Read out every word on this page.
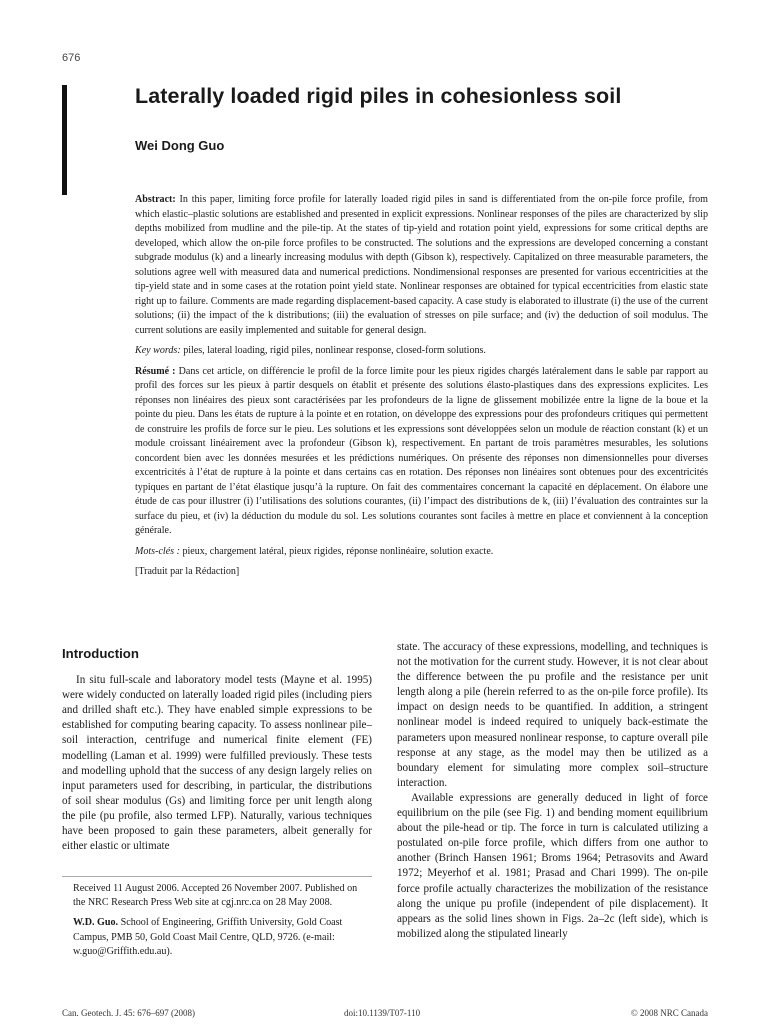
676
Laterally loaded rigid piles in cohesionless soil
Wei Dong Guo

Abstract: In this paper, limiting force profile for laterally loaded rigid piles in sand is differentiated from the on-pile force profile, from which elastic–plastic solutions are established and presented in explicit expressions. Nonlinear responses of the piles are characterized by slip depths mobilized from mudline and the pile-tip. At the states of tip-yield and rotation point yield, expressions for some critical depths are developed, which allow the on-pile force profiles to be constructed. The solutions and the expressions are developed concerning a constant subgrade modulus (k) and a linearly increasing modulus with depth (Gibson k), respectively. Capitalized on three measurable parameters, the solutions agree well with measured data and numerical predictions. Nondimensional responses are presented for various eccentricities at the tip-yield state and in some cases at the rotation point yield state. Nonlinear responses are obtained for typical eccentricities from elastic state right up to failure. Comments are made regarding displacement-based capacity. A case study is elaborated to illustrate (i) the use of the current solutions; (ii) the impact of the k distributions; (iii) the evaluation of stresses on pile surface; and (iv) the deduction of soil modulus. The current solutions are easily implemented and suitable for general design.

Key words: piles, lateral loading, rigid piles, nonlinear response, closed-form solutions.

Résumé : Dans cet article, on différencie le profil de la force limite pour les pieux rigides chargés latéralement dans le sable par rapport au profil des forces sur les pieux à partir desquels on établit et présente des solutions élasto-plastiques dans des expressions explicites. Les réponses non linéaires des pieux sont caractérisées par les profondeurs de la ligne de glissement mobilizée entre la ligne de la boue et la pointe du pieu. Dans les états de rupture à la pointe et en rotation, on développe des expressions pour des profondeurs critiques qui permettent de construire les profils de force sur le pieu. Les solutions et les expressions sont développées selon un module de réaction constant (k) et un module croissant linéairement avec la profondeur (Gibson k), respectivement. En partant de trois paramètres mesurables, les solutions concordent bien avec les données mesurées et les prédictions numériques. On présente des réponses non dimensionnelles pour diverses excentricités à l’état de rupture à la pointe et dans certains cas en rotation. Des réponses non linéaires sont obtenues pour des excentricités typiques en partant de l’état élastique jusqu’à la rupture. On fait des commentaires concernant la capacité en déplacement. On élabore une étude de cas pour illustrer (i) l’utilisations des solutions courantes, (ii) l’impact des distributions de k, (iii) l’évaluation des contraintes sur la surface du pieu, et (iv) la déduction du module du sol. Les solutions courantes sont faciles à mettre en place et conviennent à la conception générale.

Mots-clés : pieux, chargement latéral, pieux rigides, réponse nonlinéaire, solution exacte.

[Traduit par la Rédaction]

Introduction

In situ full-scale and laboratory model tests (Mayne et al. 1995) were widely conducted on laterally loaded rigid piles (including piers and drilled shaft etc.). They have enabled simple expressions to be established for computing bearing capacity. To assess nonlinear pile–soil interaction, centrifuge and numerical finite element (FE) modelling (Laman et al. 1999) were fulfilled previously. These tests and modelling uphold that the success of any design largely relies on input parameters used for describing, in particular, the distributions of soil shear modulus (Gs) and limiting force per unit length along the pile (pu profile, also termed LFP). Naturally, various techniques have been proposed to gain these parameters, albeit generally for either elastic or ultimate

state. The accuracy of these expressions, modelling, and techniques is not the motivation for the current study. However, it is not clear about the difference between the pu profile and the resistance per unit length along a pile (herein referred to as the on-pile force profile). Its impact on design needs to be quantified. In addition, a stringent nonlinear model is indeed required to uniquely back-estimate the parameters upon measured nonlinear response, to capture overall pile response at any stage, as the model may then be utilized as a boundary element for simulating more complex soil–structure interaction.

Available expressions are generally deduced in light of force equilibrium on the pile (see Fig. 1) and bending moment equilibrium about the pile-head or tip. The force in turn is calculated utilizing a postulated on-pile force profile, which differs from one author to another (Brinch Hansen 1961; Broms 1964; Petrasovits and Award 1972; Meyerhof et al. 1981; Prasad and Chari 1999). The on-pile force profile actually characterizes the mobilization of the resistance along the unique pu profile (independent of pile displacement). It appears as the solid lines shown in Figs. 2a–2c (left side), which is mobilized along the stipulated linearly

Received 11 August 2006. Accepted 26 November 2007. Published on the NRC Research Press Web site at cgj.nrc.ca on 28 May 2008.

W.D. Guo. School of Engineering, Griffith University, Gold Coast Campus, PMB 50, Gold Coast Mail Centre, QLD, 9726. (e-mail: w.guo@Griffith.edu.au).

Can. Geotech. J. 45: 676–697 (2008)	doi:10.1139/T07-110	© 2008 NRC Canada
